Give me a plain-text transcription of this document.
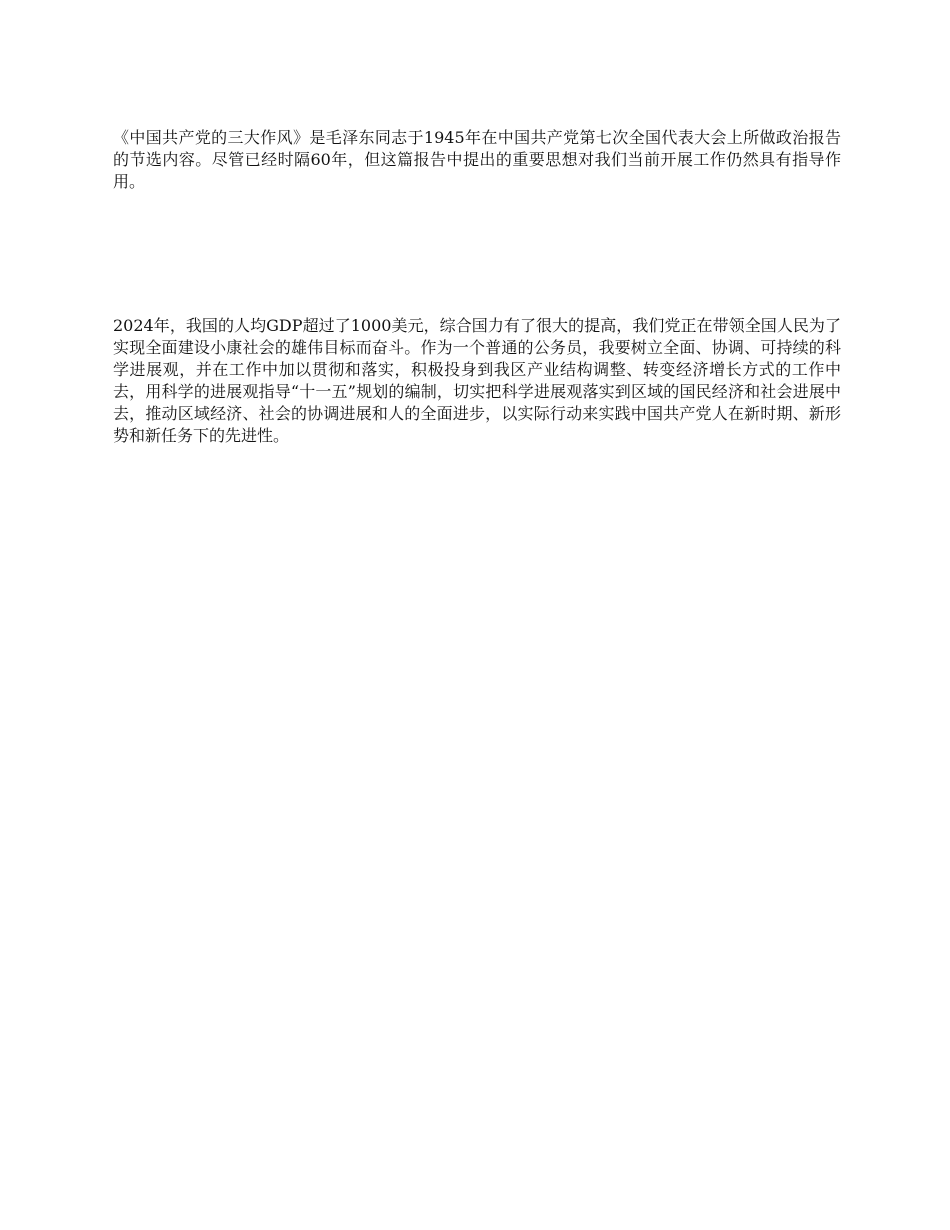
《中国共产党的三大作风》是毛泽东同志于1945年在中国共产党第七次全国代表大会上所做政治报告的节选内容。尽管已经时隔60年，但这篇报告中提出的重要思想对我们当前开展工作仍然具有指导作用。

2024年，我国的人均GDP超过了1000美元，综合国力有了很大的提高，我们党正在带领全国人民为了实现全面建设小康社会的雄伟目标而奋斗。作为一个普通的公务员，我要树立全面、协调、可持续的科学进展观，并在工作中加以贯彻和落实，积极投身到我区产业结构调整、转变经济增长方式的工作中去，用科学的进展观指导“十一五”规划的编制，切实把科学进展观落实到区域的国民经济和社会进展中去，推动区域经济、社会的协调进展和人的全面进步，以实际行动来实践中国共产党人在新时期、新形势和新任务下的先进性。
